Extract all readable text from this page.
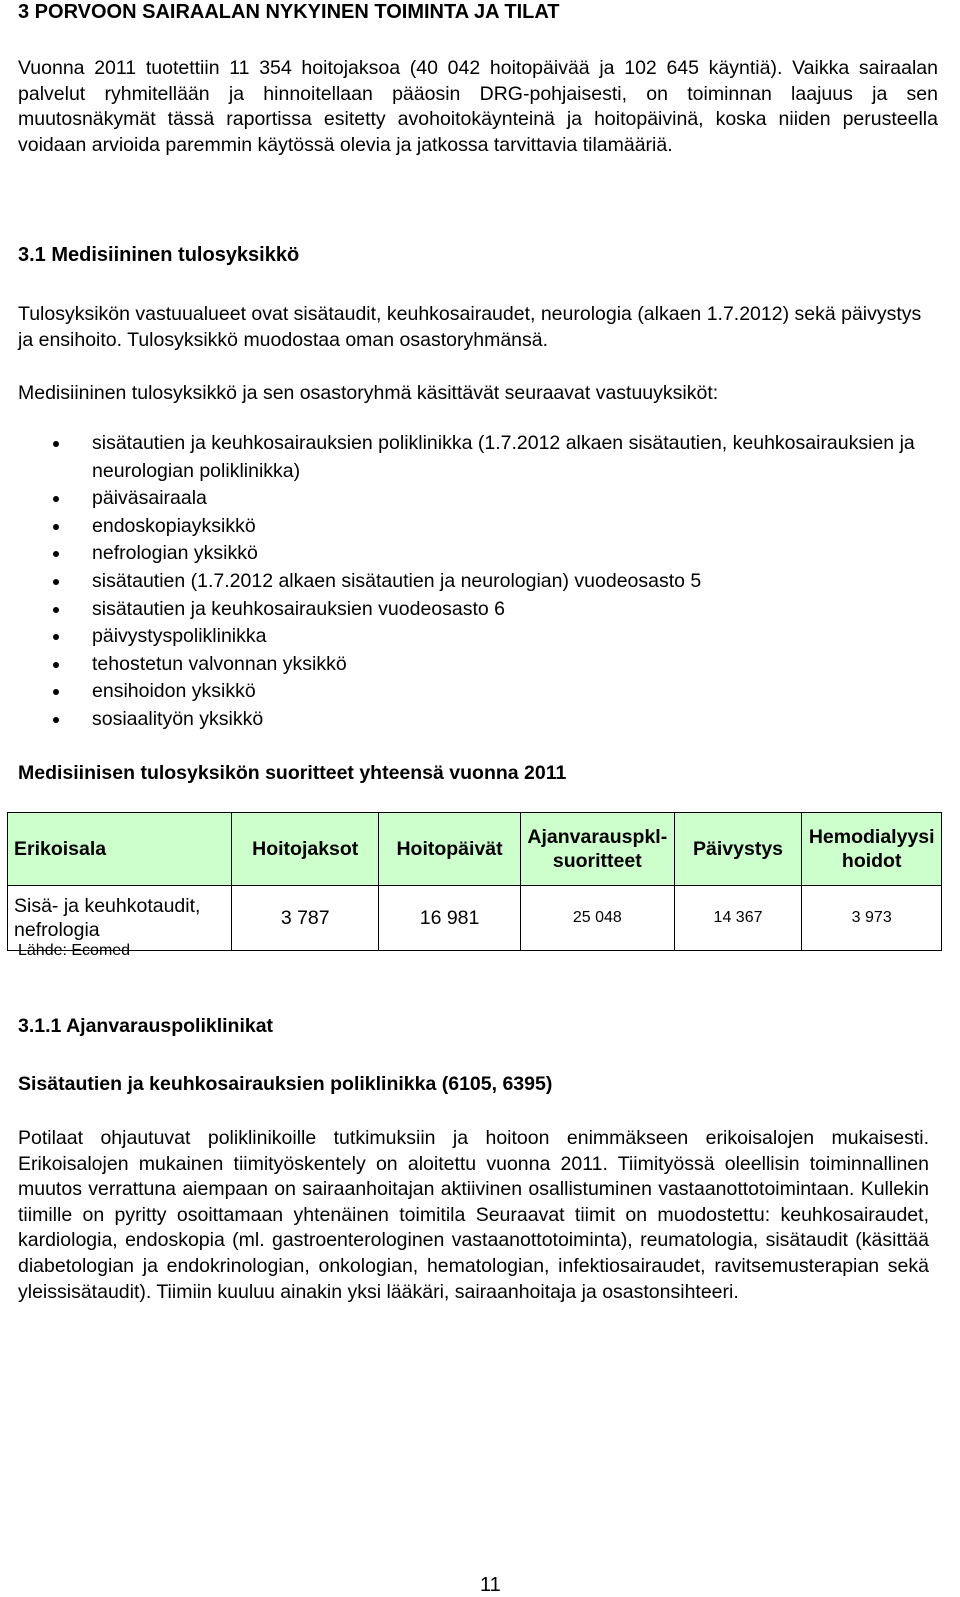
3 PORVOON SAIRAALAN NYKYINEN TOIMINTA JA TILAT

Vuonna 2011 tuotettiin 11 354 hoitojaksoa (40 042 hoitopäivää ja 102 645 käyntiä). Vaikka sairaalan palvelut ryhmitellään ja hinnoitellaan pääosin DRG-pohjaisesti, on toiminnan laajuus ja sen muutosnäkymät tässä raportissa esitetty avohoitokäynteinä ja hoitopäivinä, koska niiden perusteella voidaan arvioida paremmin käytössä olevia ja jatkossa tarvittavia tilamääriä.

3.1 Medisiininen tulosyksikkö

Tulosyksikön vastuualueet ovat sisätaudit, keuhkosairaudet, neurologia (alkaen 1.7.2012) sekä päivystys ja ensihoito. Tulosyksikkö muodostaa oman osastoryhmänsä.

Medisiininen tulosyksikkö ja sen osastoryhmä käsittävät seuraavat vastuuyksiköt:

sisätautien ja keuhkosairauksien poliklinikka (1.7.2012 alkaen sisätautien, keuhkosairauksien ja neurologian poliklinikka)
päiväsairaala
endoskopiayksikkö
nefrologian yksikkö
sisätautien (1.7.2012 alkaen sisätautien ja neurologian) vuodeosasto 5
sisätautien ja keuhkosairauksien vuodeosasto 6
päivystyspoliklinikka
tehostetun valvonnan yksikkö
ensihoidon yksikkö
sosiaalityön yksikkö

Medisiinisen tulosyksikön suoritteet yhteensä vuonna 2011

Erikoisala	Hoitojaksot	Hoitopäivät	Ajanvarauspkl-suoritteet	Päivystys	Hemodialyysi hoidot
Sisä- ja keuhkotaudit, nefrologia	3 787	16 981	25 048	14 367	3 973

Lähde: Ecomed

3.1.1 Ajanvarauspoliklinikat
Sisätautien ja keuhkosairauksien poliklinikka (6105, 6395)

Potilaat ohjautuvat poliklinikoille tutkimuksiin ja hoitoon enimmäkseen erikoisalojen mukaisesti. Erikoisalojen mukainen tiimityöskentely on aloitettu vuonna 2011. Tiimityössä oleellisin toiminnallinen muutos verrattuna aiempaan on sairaanhoitajan aktiivinen osallistuminen vastaanottotoimintaan. Kullekin tiimille on pyritty osoittamaan yhtenäinen toimitila Seuraavat tiimit on muodostettu: keuhkosairaudet, kardiologia, endoskopia (ml. gastroenterologinen vastaanottotoiminta), reumatologia, sisätaudit (käsittää diabetologian ja endokrinologian, onkologian, hematologian, infektiosairaudet, ravitsemusterapian sekä yleissisätaudit). Tiimiin kuuluu ainakin yksi lääkäri, sairaanhoitaja ja osastonsihteeri.

11
